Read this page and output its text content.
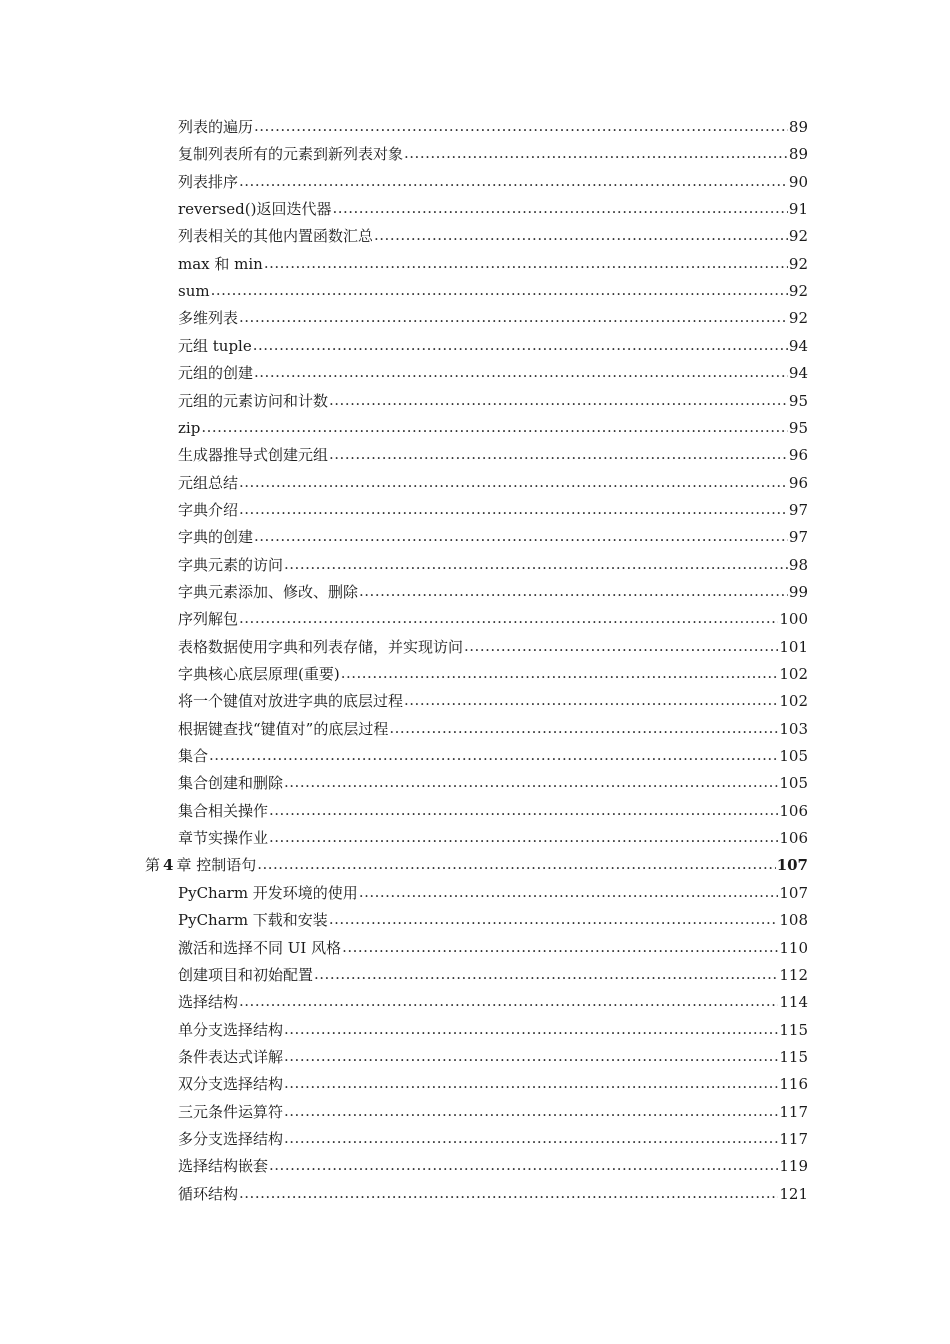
列表的遍历 .....	89
复制列表所有的元素到新列表对象 .....	89
列表排序 .....	90
reversed()返回迭代器 .....	91
列表相关的其他内置函数汇总 .....	92
max 和 min .....	92
sum .....	92
多维列表 .....	92
元组 tuple .....	94
元组的创建 .....	94
元组的元素访问和计数 .....	95
zip .....	95
生成器推导式创建元组 .....	96
元组总结 .....	96
字典介绍 .....	97
字典的创建 .....	97
字典元素的访问 .....	98
字典元素添加、修改、删除 .....	99
序列解包 .....	100
表格数据使用字典和列表存储，并实现访问 .....	101
字典核心底层原理(重要) .....	102
将一个键值对放进字典的底层过程 .....	102
根据键查找“键值对”的底层过程 .....	103
集合 .....	105
集合创建和删除 .....	105
集合相关操作 .....	106
章节实操作业 .....	106
第 4 章 控制语句 .....	107
PyCharm 开发环境的使用 .....	107
PyCharm 下载和安装 .....	108
激活和选择不同 UI 风格 .....	110
创建项目和初始配置 .....	112
选择结构 .....	114
单分支选择结构 .....	115
条件表达式详解 .....	115
双分支选择结构 .....	116
三元条件运算符 .....	117
多分支选择结构 .....	117
选择结构嵌套 .....	119
循环结构 .....	121
